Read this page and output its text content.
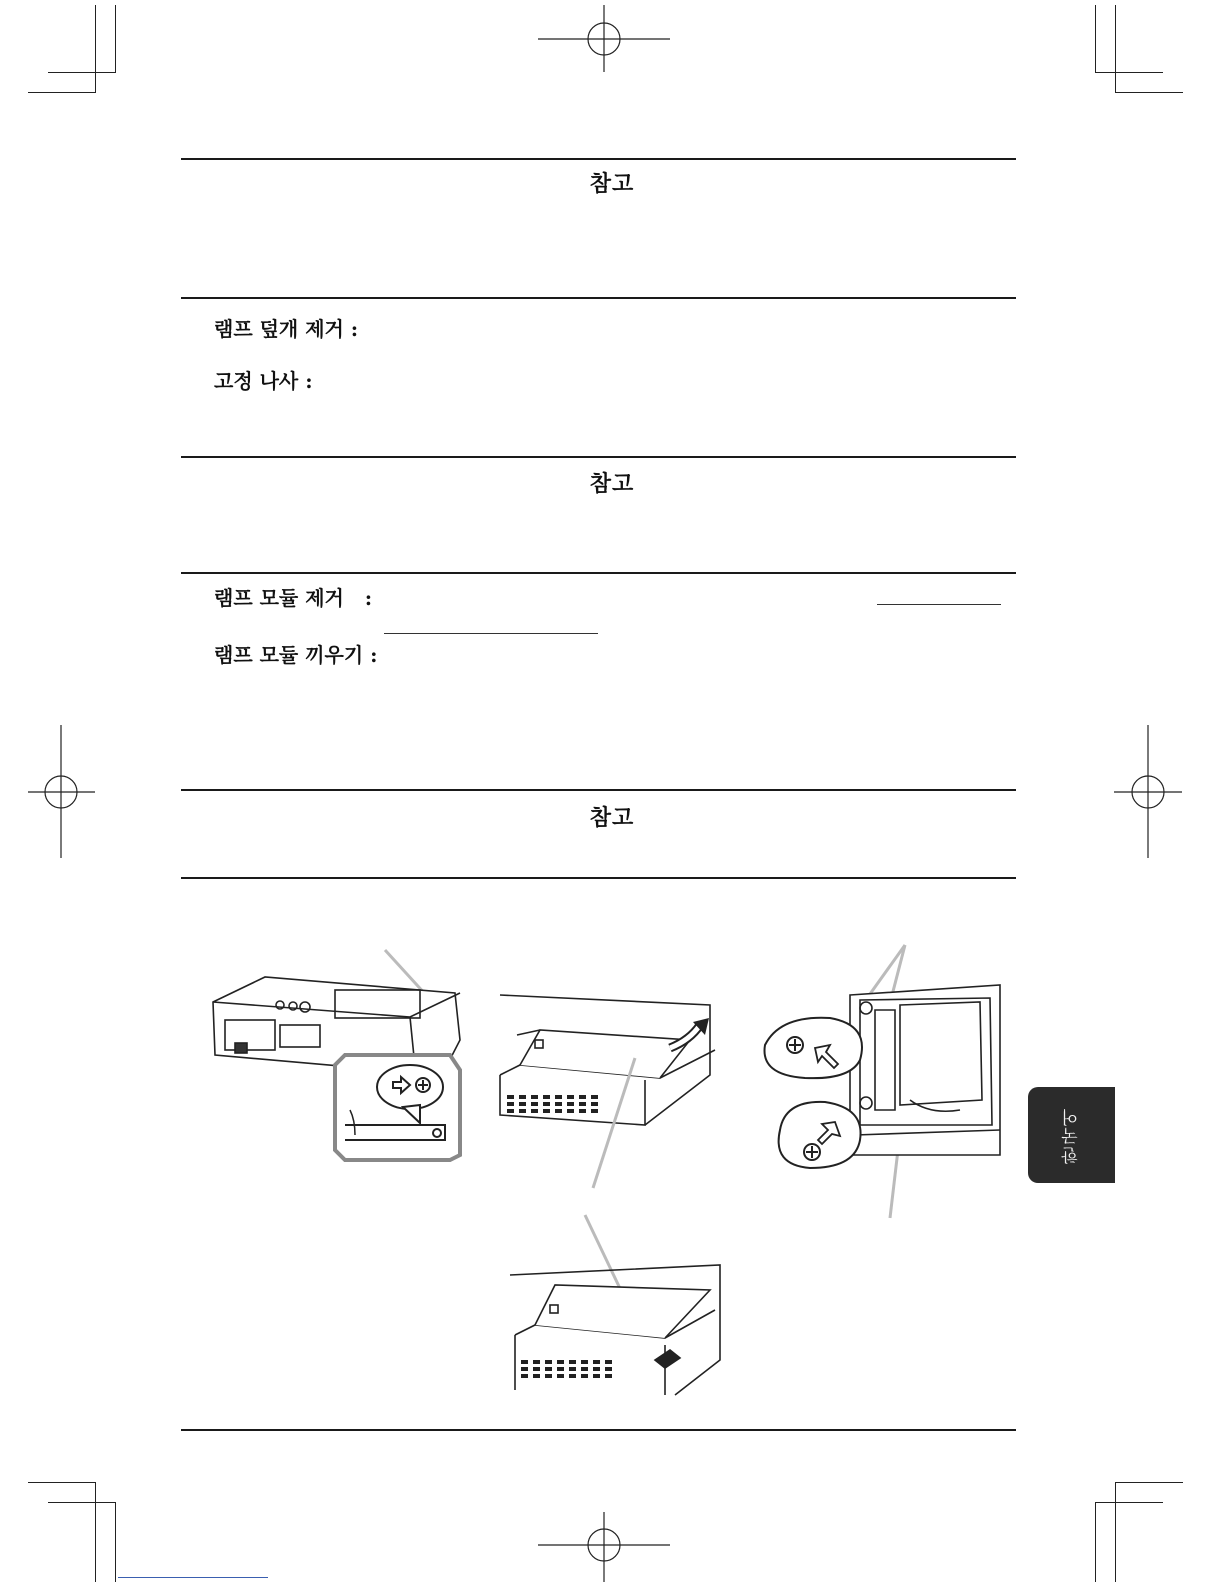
참고
램프 덮개 제거 :
고정 나사 :
참고
램프 모듈 제거   :
램프 모듈 끼우기 :
참고
한국어
